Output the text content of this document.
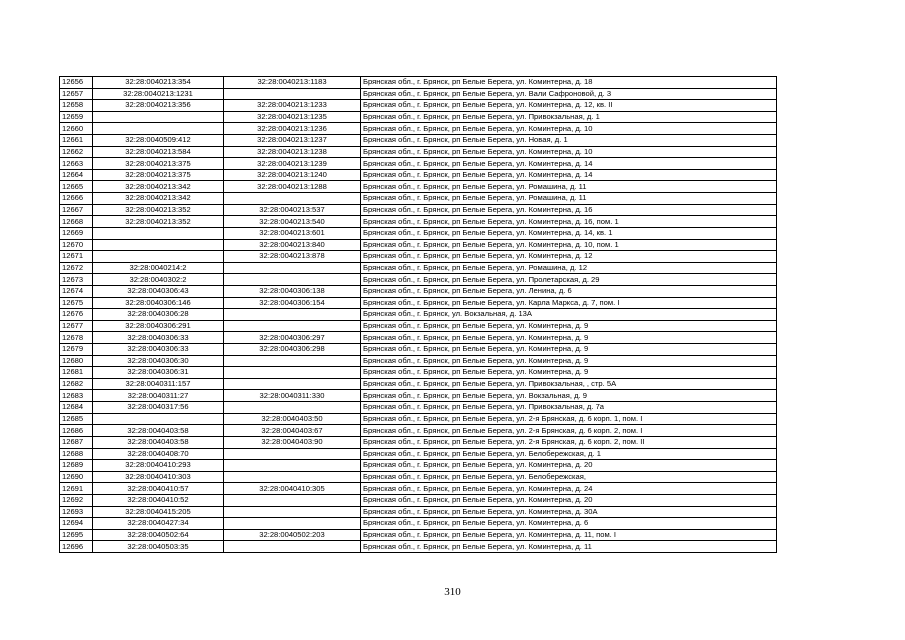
12656	32:28:0040213:354	32:28:0040213:1183	Брянская обл., г. Брянск, рп Белые Берега, ул. Коминтерна, д. 18
12657	32:28:0040213:1231		Брянская обл., г. Брянск, рп Белые Берега, ул. Вали Сафроновой, д. 3
12658	32:28:0040213:356	32:28:0040213:1233	Брянская обл., г. Брянск, рп Белые Берега, ул. Коминтерна, д. 12, кв. II
12659		32:28:0040213:1235	Брянская обл., г. Брянск, рп Белые Берега, ул. Привокзальная, д. 1
12660		32:28:0040213:1236	Брянская обл., г. Брянск, рп Белые Берега, ул. Коминтерна, д. 10
12661	32:28:0040509:412	32:28:0040213:1237	Брянская обл., г. Брянск, рп Белые Берега, ул. Новая, д. 1
12662	32:28:0040213:584	32:28:0040213:1238	Брянская обл., г. Брянск, рп Белые Берега, ул. Коминтерна, д. 10
12663	32:28:0040213:375	32:28:0040213:1239	Брянская обл., г. Брянск, рп Белые Берега, ул. Коминтерна, д. 14
12664	32:28:0040213:375	32:28:0040213:1240	Брянская обл., г. Брянск, рп Белые Берега, ул. Коминтерна, д. 14
12665	32:28:0040213:342	32:28:0040213:1288	Брянская обл., г. Брянск, рп Белые Берега, ул. Ромашина, д. 11
12666	32:28:0040213:342		Брянская обл., г. Брянск, рп Белые Берега, ул. Ромашина, д. 11
12667	32:28:0040213:352	32:28:0040213:537	Брянская обл., г. Брянск, рп Белые Берега, ул. Коминтерна, д. 16
12668	32:28:0040213:352	32:28:0040213:540	Брянская обл., г. Брянск, рп Белые Берега, ул. Коминтерна, д. 16, пом. 1
12669		32:28:0040213:601	Брянская обл., г. Брянск, рп Белые Берега, ул. Коминтерна, д. 14, кв. 1
12670		32:28:0040213:840	Брянская обл., г. Брянск, рп Белые Берега, ул. Коминтерна, д. 10, пом. 1
12671		32:28:0040213:878	Брянская обл., г. Брянск, рп Белые Берега, ул. Коминтерна, д. 12
12672	32:28:0040214:2		Брянская обл., г. Брянск, рп Белые Берега, ул. Ромашина, д. 12
12673	32:28:0040302:2		Брянская обл., г. Брянск, рп Белые Берега, ул. Пролетарская, д. 29
12674	32:28:0040306:43	32:28:0040306:138	Брянская обл., г. Брянск, рп Белые Берега, ул. Ленина, д. 6
12675	32:28:0040306:146	32:28:0040306:154	Брянская обл., г. Брянск, рп Белые Берега, ул. Карла Маркса, д. 7, пом. I
12676	32:28:0040306:28		Брянская обл., г. Брянск, ул. Вокзальная, д. 13А
12677	32:28:0040306:291		Брянская обл., г. Брянск, рп Белые Берега, ул. Коминтерна, д. 9
12678	32:28:0040306:33	32:28:0040306:297	Брянская обл., г. Брянск, рп Белые Берега, ул. Коминтерна, д. 9
12679	32:28:0040306:33	32:28:0040306:298	Брянская обл., г. Брянск, рп Белые Берега, ул. Коминтерна, д. 9
12680	32:28:0040306:30		Брянская обл., г. Брянск, рп Белые Берега, ул. Коминтерна, д. 9
12681	32:28:0040306:31		Брянская обл., г. Брянск, рп Белые Берега, ул. Коминтерна, д. 9
12682	32:28:0040311:157		Брянская обл., г. Брянск, рп Белые Берега, ул. Привокзальная, , стр. 5А
12683	32:28:0040311:27	32:28:0040311:330	Брянская обл., г. Брянск, рп Белые Берега, ул. Вокзальная, д. 9
12684	32:28:0040317:56		Брянская обл., г. Брянск, рп Белые Берега, ул. Привокзальная, д. 7а
12685		32:28:0040403:50	Брянская обл., г. Брянск, рп Белые Берега, ул. 2-я Брянская, д. 6 корп. 1, пом. I
12686	32:28:0040403:58	32:28:0040403:67	Брянская обл., г. Брянск, рп Белые Берега, ул. 2-я Брянская, д. 6 корп. 2, пом. I
12687	32:28:0040403:58	32:28:0040403:90	Брянская обл., г. Брянск, рп Белые Берега, ул. 2-я Брянская, д. 6 корп. 2, пом. II
12688	32:28:0040408:70		Брянская обл., г. Брянск, рп Белые Берега, ул. Белобережская, д. 1
12689	32:28:0040410:293		Брянская обл., г. Брянск, рп Белые Берега, ул. Коминтерна, д. 20
12690	32:28:0040410:303		Брянская обл., г. Брянск, рп Белые Берега, ул. Белобережская,
12691	32:28:0040410:57	32:28:0040410:305	Брянская обл., г. Брянск, рп Белые Берега, ул. Коминтерна, д. 24
12692	32:28:0040410:52		Брянская обл., г. Брянск, рп Белые Берега, ул. Коминтерна, д. 20
12693	32:28:0040415:205		Брянская обл., г. Брянск, рп Белые Берега, ул. Коминтерна, д. 30А
12694	32:28:0040427:34		Брянская обл., г. Брянск, рп Белые Берега, ул. Коминтерна, д. 6
12695	32:28:0040502:64	32:28:0040502:203	Брянская обл., г. Брянск, рп Белые Берега, ул. Коминтерна, д. 11, пом. I
12696	32:28:0040503:35		Брянская обл., г. Брянск, рп Белые Берега, ул. Коминтерна, д. 11
310
